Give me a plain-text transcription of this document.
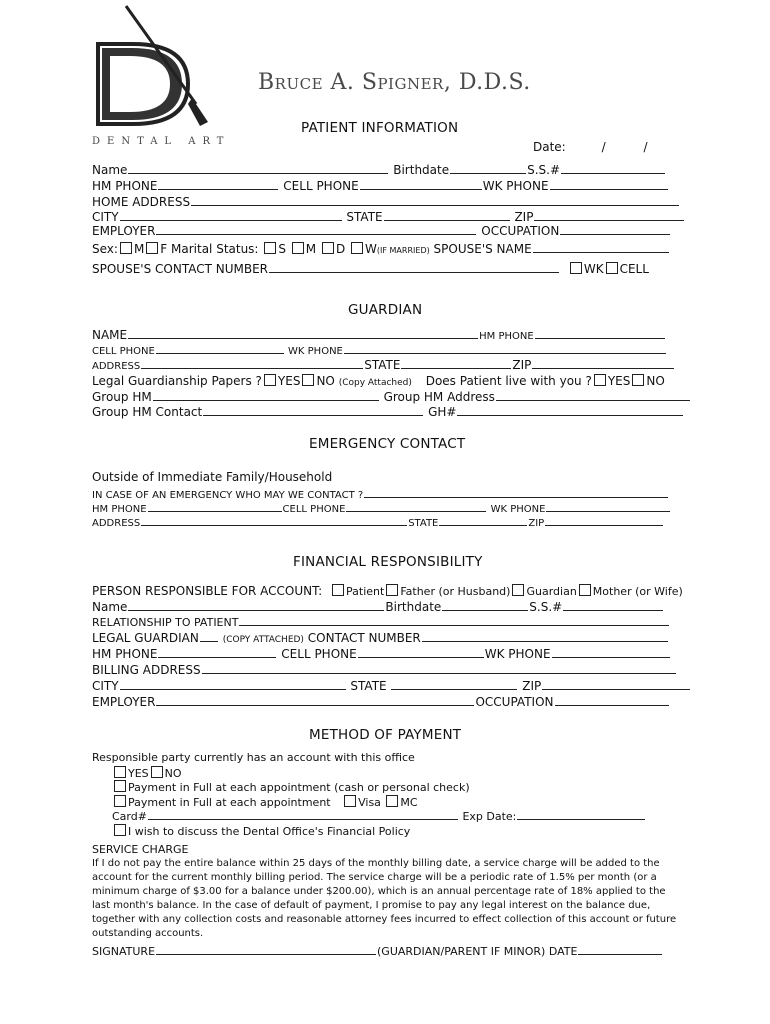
DENTAL ART
Bruce A. Spigner, D.D.S.
PATIENT INFORMATION
Date:	/	/
Name	Birthdate	S.S.#
HM PHONE	CELL PHONE	WK PHONE
HOME ADDRESS
CITY	STATE	ZIP
EMPLOYER	OCCUPATION
Sex: M F Marital Status: S M D W(IF MARRIED) SPOUSE'S NAME
SPOUSE'S CONTACT NUMBER	WK CELL
GUARDIAN
NAME	HM PHONE
CELL PHONE	WK PHONE
ADDRESS	STATE	ZIP
Legal Guardianship Papers ? YES NO (Copy Attached) Does Patient live with you ? YES NO
Group HM	Group HM Address
Group HM Contact	GH#
EMERGENCY CONTACT
Outside of Immediate Family/Household
IN CASE OF AN EMERGENCY WHO MAY WE CONTACT ?
HM PHONE	CELL PHONE	WK PHONE
ADDRESS	STATE	ZIP
FINANCIAL RESPONSIBILITY
PERSON RESPONSIBLE FOR ACCOUNT: Patient Father (or Husband) Guardian Mother (or Wife)
Name	Birthdate	S.S.#
RELATIONSHIP TO PATIENT
LEGAL GUARDIAN	(COPY ATTACHED) CONTACT NUMBER
HM PHONE	CELL PHONE	WK PHONE
BILLING ADDRESS
CITY	STATE	ZIP
EMPLOYER	OCCUPATION
METHOD OF PAYMENT
Responsible party currently has an account with this office
YES NO
Payment in Full at each appointment (cash or personal check)
Payment in Full at each appointment	Visa MC
Card#	Exp Date:
I wish to discuss the Dental Office's Financial Policy
SERVICE CHARGE

If I do not pay the entire balance within 25 days of the monthly billing date, a service charge will be added to the account for the current monthly billing period. The service charge will be a periodic rate of 1.5% per month (or a minimum charge of $3.00 for a balance under $200.00), which is an annual percentage rate of 18% applied to the last month's balance. In the case of default of payment, I promise to pay any legal interest on the balance due, together with any collection costs and reasonable attorney fees incurred to effect collection of this account or future outstanding accounts.

SIGNATURE	(GUARDIAN/PARENT IF MINOR) DATE
